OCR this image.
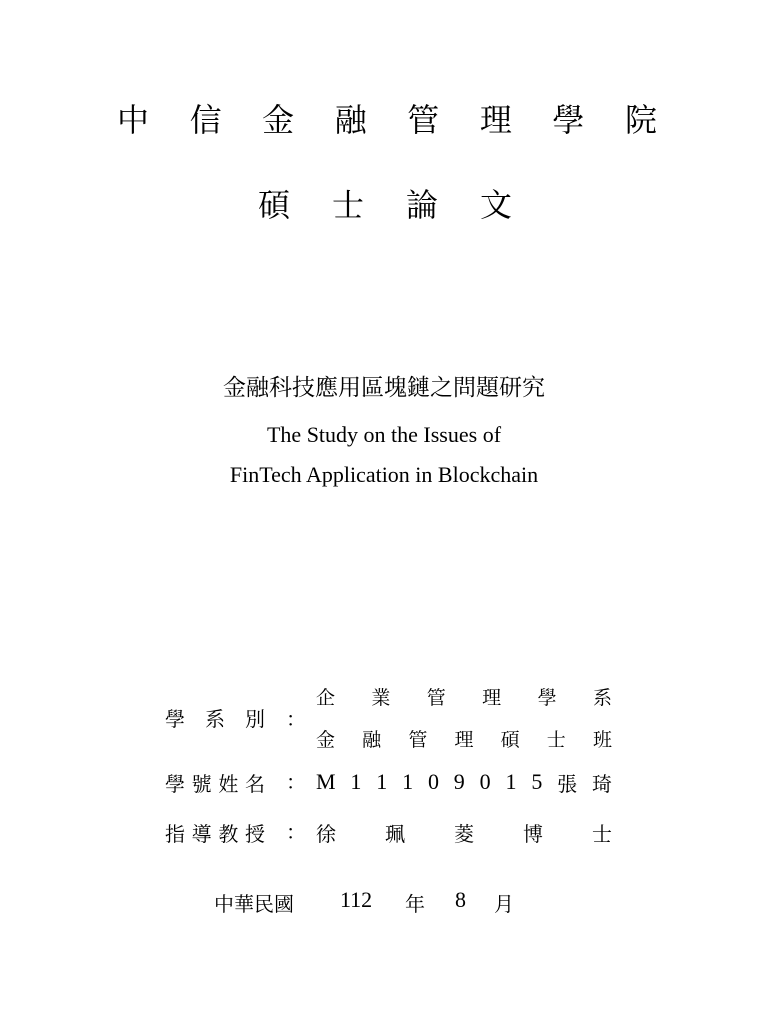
中 信 金 融 管 理 學 院
碩 士 論 文
金融科技應用區塊鏈之問題研究
The Study on the Issues of
FinTech Application in Blockchain
學 系 別 ：
企 業 管 理 學 系
金 融 管 理 碩 士 班
學 號 姓 名 ： M 1 1 1 0 9 0 1 5 張 琦
指 導 教 授 ： 徐 珮 菱 博 士
中華民國 112 年 8 月
